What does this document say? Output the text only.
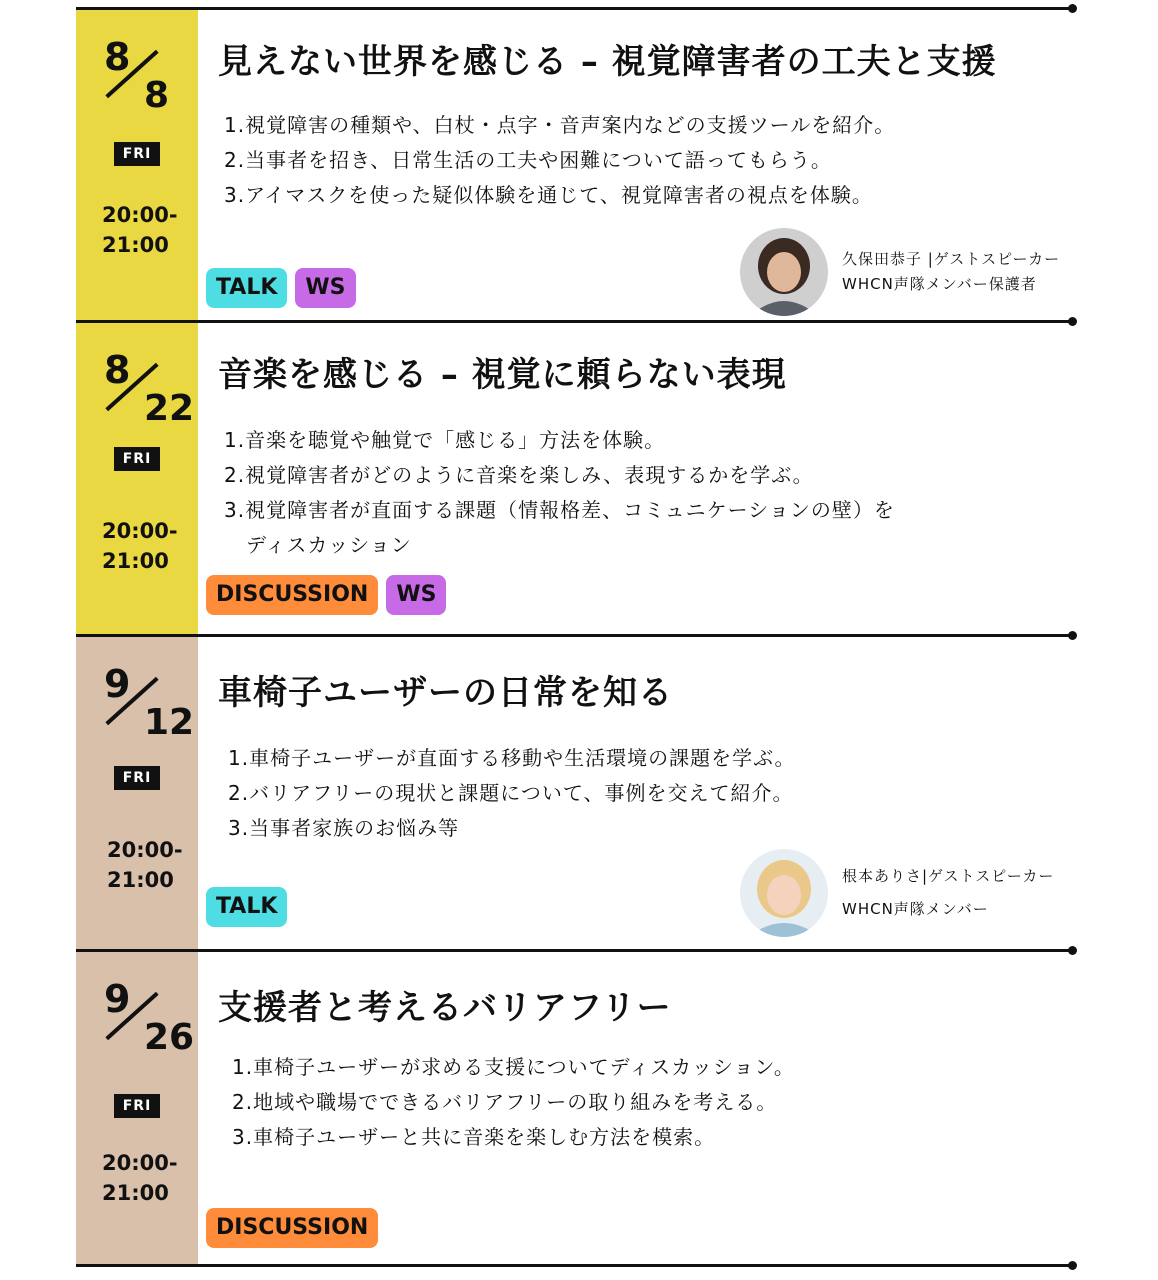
8
8
FRI
20:00-
21:00
見えない世界を感じる – 視覚障害者の工夫と支援
1.視覚障害の種類や、白杖・点字・音声案内などの支援ツールを紹介。
2.当事者を招き、日常生活の工夫や困難について語ってもらう。
3.アイマスクを使った疑似体験を通じて、視覚障害者の視点を体験。
TALK	WS
久保田恭子 |ゲストスピーカー
WHCN声隊メンバー保護者
8
22
FRI
20:00-
21:00
音楽を感じる – 視覚に頼らない表現
1.音楽を聴覚や触覚で「感じる」方法を体験。
2.視覚障害者がどのように音楽を楽しみ、表現するかを学ぶ。
3.視覚障害者が直面する課題（情報格差、コミュニケーションの壁）を
ディスカッション
DISCUSSION	WS
9
12
FRI
20:00-
21:00
車椅子ユーザーの日常を知る
1.車椅子ユーザーが直面する移動や生活環境の課題を学ぶ。
2.バリアフリーの現状と課題について、事例を交えて紹介。
3.当事者家族のお悩み等
TALK
根本ありさ|ゲストスピーカー
WHCN声隊メンバー
9
26
FRI
20:00-
21:00
支援者と考えるバリアフリー
1.車椅子ユーザーが求める支援についてディスカッション。
2.地域や職場でできるバリアフリーの取り組みを考える。
3.車椅子ユーザーと共に音楽を楽しむ方法を模索。
DISCUSSION
